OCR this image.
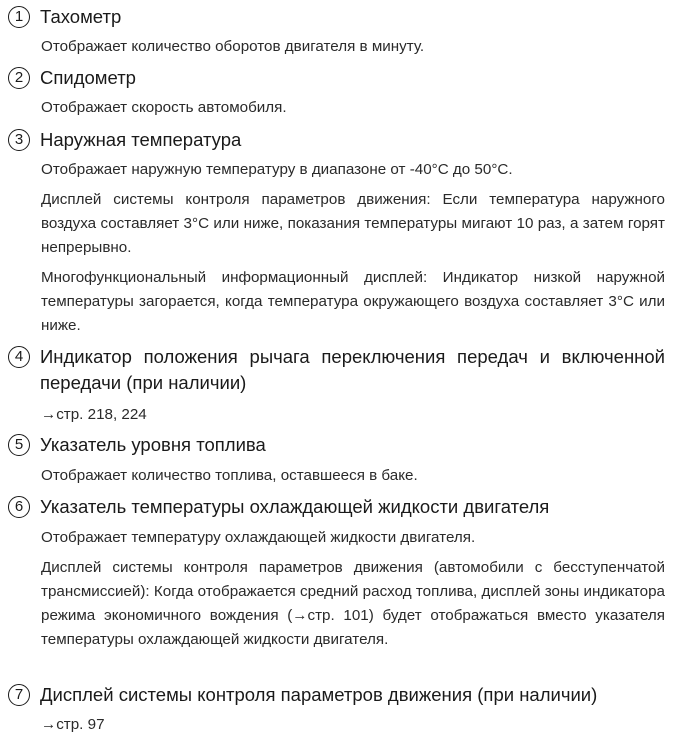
1 Тахометр
Отображает количество оборотов двигателя в минуту.
2 Спидометр
Отображает скорость автомобиля.
3 Наружная температура
Отображает наружную температуру в диапазоне от -40°C до 50°C.
Дисплей системы контроля параметров движения: Если температура наружного воздуха составляет 3°C или ниже, показания температуры мигают 10 раз, а затем горят непрерывно.
Многофункциональный информационный дисплей: Индикатор низкой наружной температуры загорается, когда температура окружающего воздуха составляет 3°C или ниже.
4 Индикатор положения рычага переключения передач и включенной передачи (при наличии)
→стр. 218, 224
5 Указатель уровня топлива
Отображает количество топлива, оставшееся в баке.
6 Указатель температуры охлаждающей жидкости двигателя
Отображает температуру охлаждающей жидкости двигателя.
Дисплей системы контроля параметров движения (автомобили с бесступенчатой трансмиссией): Когда отображается средний расход топлива, дисплей зоны индикатора режима экономичного вождения (→стр. 101) будет отображаться вместо указателя температуры охлаждающей жидкости двигателя.
7 Дисплей системы контроля параметров движения (при наличии)
→стр. 97
